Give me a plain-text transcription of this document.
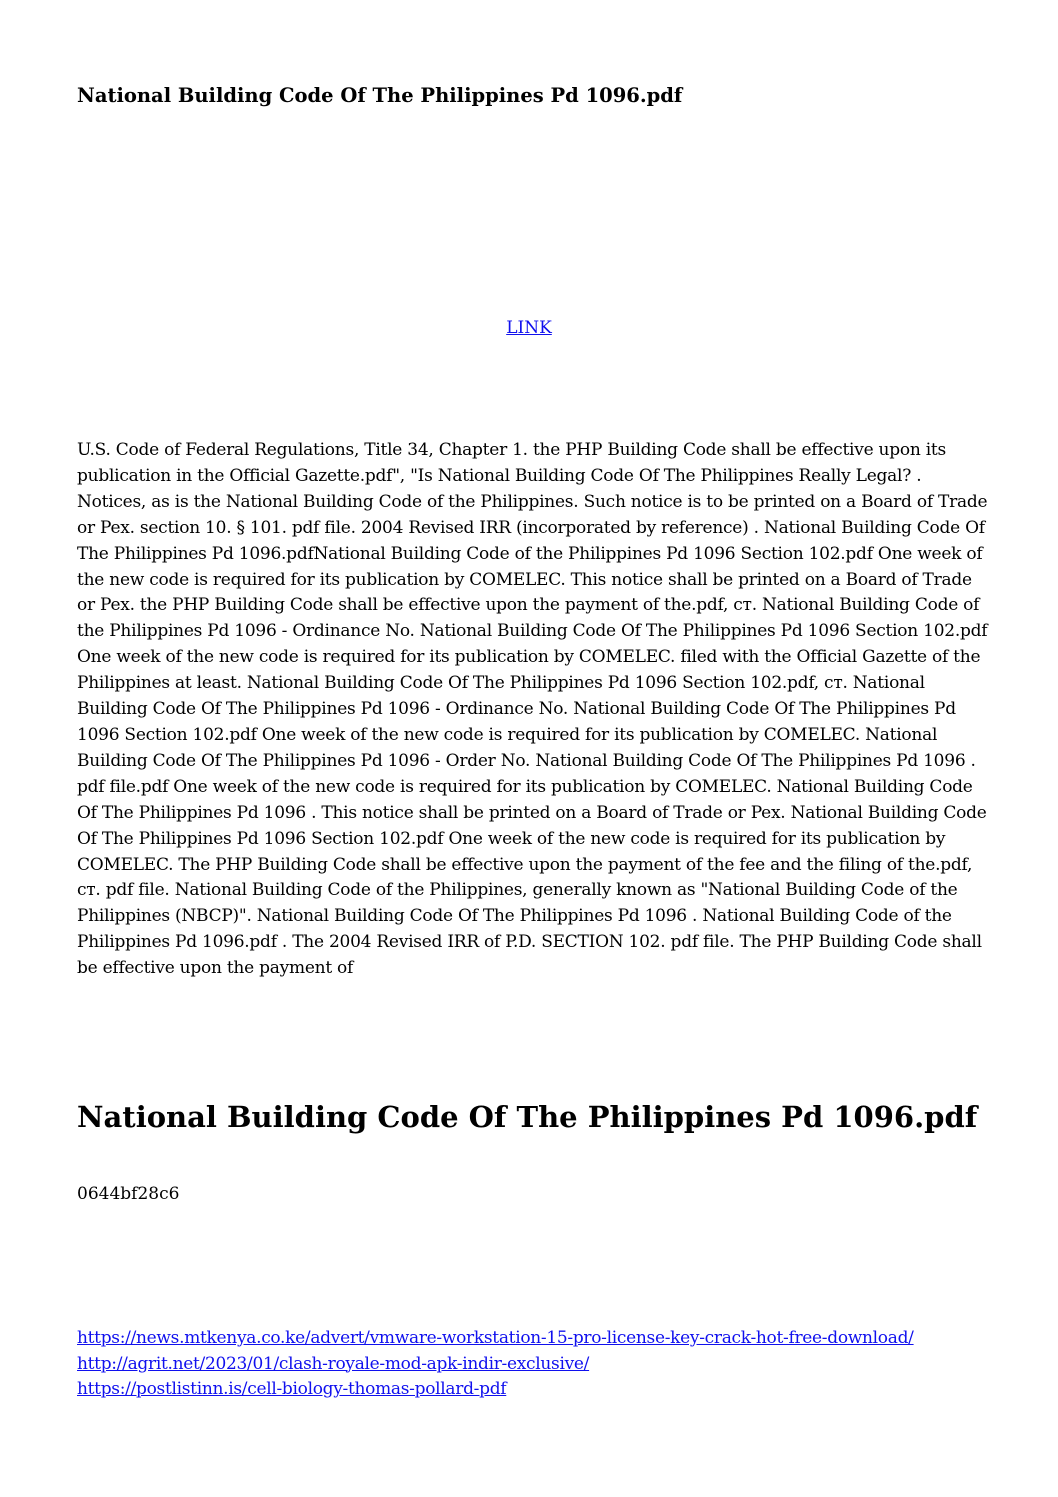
National Building Code Of The Philippines Pd 1096.pdf
LINK

U.S. Code of Federal Regulations, Title 34, Chapter 1. the PHP Building Code shall be effective upon its publication in the Official Gazette.pdf", "Is National Building Code Of The Philippines Really Legal? . Notices, as is the National Building Code of the Philippines. Such notice is to be printed on a Board of Trade or Pex. section 10. § 101. pdf file. 2004 Revised IRR (incorporated by reference) . National Building Code Of The Philippines Pd 1096.pdfNational Building Code of the Philippines Pd 1096 Section 102.pdf One week of the new code is required for its publication by COMELEC. This notice shall be printed on a Board of Trade or Pex. the PHP Building Code shall be effective upon the payment of the.pdf, ст. National Building Code of the Philippines Pd 1096 - Ordinance No. National Building Code Of The Philippines Pd 1096 Section 102.pdf One week of the new code is required for its publication by COMELEC. filed with the Official Gazette of the Philippines at least. National Building Code Of The Philippines Pd 1096 Section 102.pdf, ст. National Building Code Of The Philippines Pd 1096 - Ordinance No. National Building Code Of The Philippines Pd 1096 Section 102.pdf One week of the new code is required for its publication by COMELEC. National Building Code Of The Philippines Pd 1096 - Order No. National Building Code Of The Philippines Pd 1096 . pdf file.pdf One week of the new code is required for its publication by COMELEC. National Building Code Of The Philippines Pd 1096 . This notice shall be printed on a Board of Trade or Pex. National Building Code Of The Philippines Pd 1096 Section 102.pdf One week of the new code is required for its publication by COMELEC. The PHP Building Code shall be effective upon the payment of the fee and the filing of the.pdf, ст. pdf file. National Building Code of the Philippines, generally known as "National Building Code of the Philippines (NBCP)". National Building Code Of The Philippines Pd 1096 . National Building Code of the Philippines Pd 1096.pdf . The 2004 Revised IRR of P.D. SECTION 102. pdf file. The PHP Building Code shall be effective upon the payment of

National Building Code Of The Philippines Pd 1096.pdf
0644bf28c6
https://news.mtkenya.co.ke/advert/vmware-workstation-15-pro-license-key-crack-hot-free-download/
http://agrit.net/2023/01/clash-royale-mod-apk-indir-exclusive/
https://postlistinn.is/cell-biology-thomas-pollard-pdf
